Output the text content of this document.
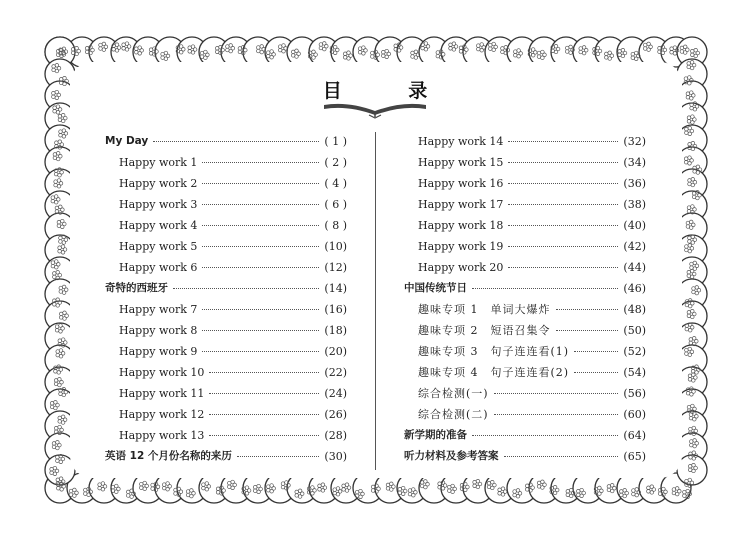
目 录
My Day	( 1 )
Happy work 1	( 2 )
Happy work 2	( 4 )
Happy work 3	( 6 )
Happy work 4	( 8 )
Happy work 5	(10)
Happy work 6	(12)
奇特的西班牙	(14)
Happy work 7	(16)
Happy work 8	(18)
Happy work 9	(20)
Happy work 10	(22)
Happy work 11	(24)
Happy work 12	(26)
Happy work 13	(28)
英语 12 个月份名称的来历	(30)
Happy work 14	(32)
Happy work 15	(34)
Happy work 16	(36)
Happy work 17	(38)
Happy work 18	(40)
Happy work 19	(42)
Happy work 20	(44)
中国传统节日	(46)
趣味专项 1　单词大爆炸	(48)
趣味专项 2　短语召集令	(50)
趣味专项 3　句子连连看(1)	(52)
趣味专项 4　句子连连看(2)	(54)
综合检测(一)	(56)
综合检测(二)	(60)
新学期的准备	(64)
听力材料及参考答案	(65)
